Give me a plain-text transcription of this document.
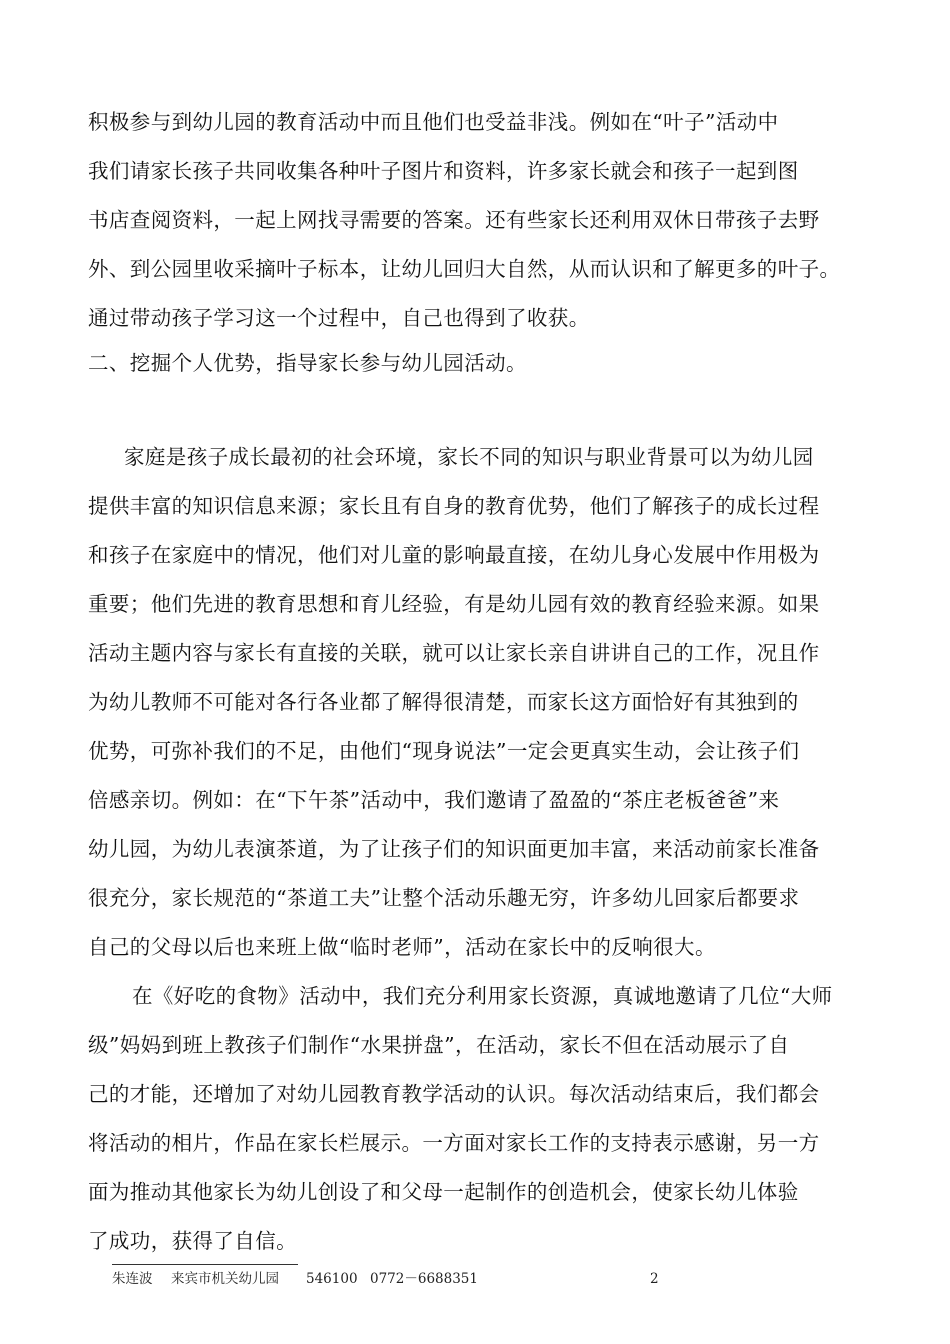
积极参与到幼儿园的教育活动中而且他们也受益非浅。例如在“叶子”活动中
我们请家长孩子共同收集各种叶子图片和资料，许多家长就会和孩子一起到图
书店查阅资料，一起上网找寻需要的答案。还有些家长还利用双休日带孩子去野
外、到公园里收采摘叶子标本，让幼儿回归大自然，从而认识和了解更多的叶子。
通过带动孩子学习这一个过程中，自己也得到了收获。
二、挖掘个人优势，指导家长参与幼儿园活动。
家庭是孩子成长最初的社会环境，家长不同的知识与职业背景可以为幼儿园
提供丰富的知识信息来源；家长且有自身的教育优势，他们了解孩子的成长过程
和孩子在家庭中的情况，他们对儿童的影响最直接，在幼儿身心发展中作用极为
重要；他们先进的教育思想和育儿经验，有是幼儿园有效的教育经验来源。如果
活动主题内容与家长有直接的关联，就可以让家长亲自讲讲自己的工作，况且作
为幼儿教师不可能对各行各业都了解得很清楚，而家长这方面恰好有其独到的
优势，可弥补我们的不足，由他们“现身说法”一定会更真实生动，会让孩子们
倍感亲切。例如：在“下午茶”活动中，我们邀请了盈盈的“茶庄老板爸爸”来
幼儿园，为幼儿表演茶道，为了让孩子们的知识面更加丰富，来活动前家长准备
很充分，家长规范的“茶道工夫”让整个活动乐趣无穷，许多幼儿回家后都要求
自己的父母以后也来班上做“临时老师”，活动在家长中的反响很大。
在《好吃的食物》活动中，我们充分利用家长资源，真诚地邀请了几位“大师
级”妈妈到班上教孩子们制作“水果拼盘”，在活动，家长不但在活动展示了自
己的才能，还增加了对幼儿园教育教学活动的认识。每次活动结束后，我们都会
将活动的相片，作品在家长栏展示。一方面对家长工作的支持表示感谢，另一方
面为推动其他家长为幼儿创设了和父母一起制作的创造机会，使家长幼儿体验
了成功，获得了自信。
朱连波 来宾市机关幼儿园 546100 0772－6688351	2
